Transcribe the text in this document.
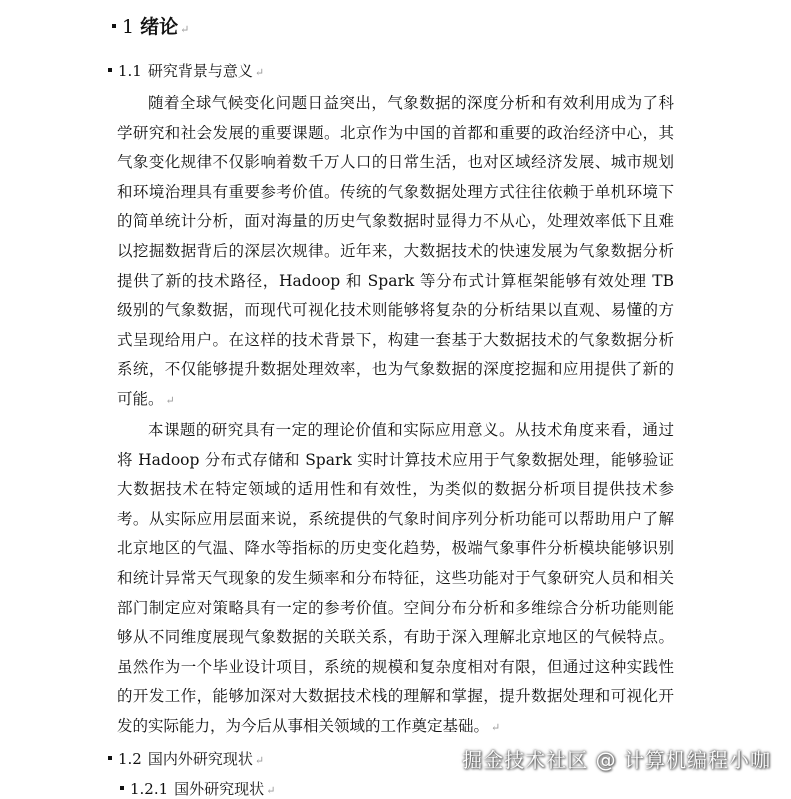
1 绪论 ↵
1.1 研究背景与意义 ↵

随着全球气候变化问题日益突出，气象数据的深度分析和有效利用成为了科学研究和社会发展的重要课题。北京作为中国的首都和重要的政治经济中心，其气象变化规律不仅影响着数千万人口的日常生活，也对区域经济发展、城市规划和环境治理具有重要参考价值。传统的气象数据处理方式往往依赖于单机环境下的简单统计分析，面对海量的历史气象数据时显得力不从心，处理效率低下且难以挖掘数据背后的深层次规律。近年来，大数据技术的快速发展为气象数据分析提供了新的技术路径，Hadoop 和 Spark 等分布式计算框架能够有效处理 TB 级别的气象数据，而现代可视化技术则能够将复杂的分析结果以直观、易懂的方式呈现给用户。在这样的技术背景下，构建一套基于大数据技术的气象数据分析系统，不仅能够提升数据处理效率，也为气象数据的深度挖掘和应用提供了新的可能。 ↵

本课题的研究具有一定的理论价值和实际应用意义。从技术角度来看，通过将 Hadoop 分布式存储和 Spark 实时计算技术应用于气象数据处理，能够验证大数据技术在特定领域的适用性和有效性，为类似的数据分析项目提供技术参考。从实际应用层面来说，系统提供的气象时间序列分析功能可以帮助用户了解北京地区的气温、降水等指标的历史变化趋势，极端气象事件分析模块能够识别和统计异常天气现象的发生频率和分布特征，这些功能对于气象研究人员和相关部门制定应对策略具有一定的参考价值。空间分布分析和多维综合分析功能则能够从不同维度展现气象数据的关联关系，有助于深入理解北京地区的气候特点。虽然作为一个毕业设计项目，系统的规模和复杂度相对有限，但通过这种实践性的开发工作，能够加深对大数据技术栈的理解和掌握，提升数据处理和可视化开发的实际能力，为今后从事相关领域的工作奠定基础。 ↵

1.2 国内外研究现状 ↵
1.2.1 国外研究现状 ↵
掘金技术社区 @ 计算机编程小咖
